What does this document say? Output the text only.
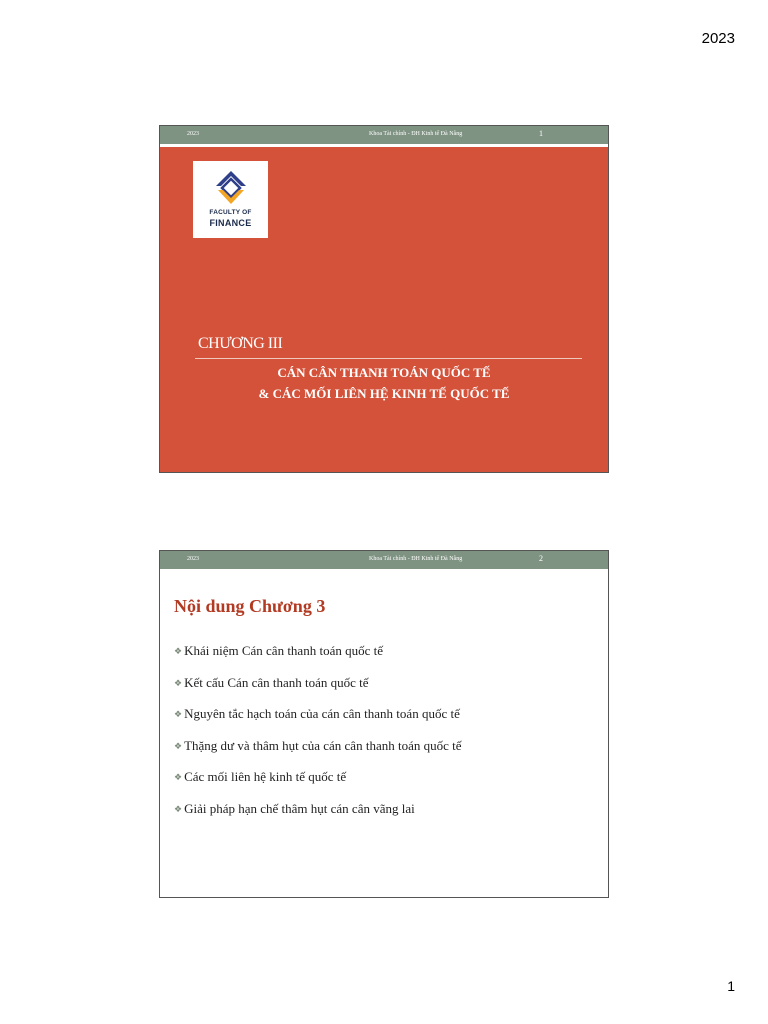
2023
2023	Khoa Tài chính - ĐH Kinh tế Đà Nẵng	1
FACULTY OF
FINANCE
CHƯƠNG III
CÁN CÂN THANH TOÁN QUỐC TẾ
& CÁC MỐI LIÊN HỆ KINH TẾ QUỐC TẾ
2023	Khoa Tài chính - ĐH Kinh tế Đà Nẵng	2
Nội dung Chương 3
❖ Khái niệm Cán cân thanh toán quốc tế
❖ Kết cấu Cán cân thanh toán quốc tế
❖ Nguyên tắc hạch toán của cán cân thanh toán quốc tế
❖ Thặng dư và thâm hụt của cán cân thanh toán quốc tế
❖ Các mối liên hệ kinh tế quốc tế
❖ Giải pháp hạn chế thâm hụt cán cân vãng lai
1
